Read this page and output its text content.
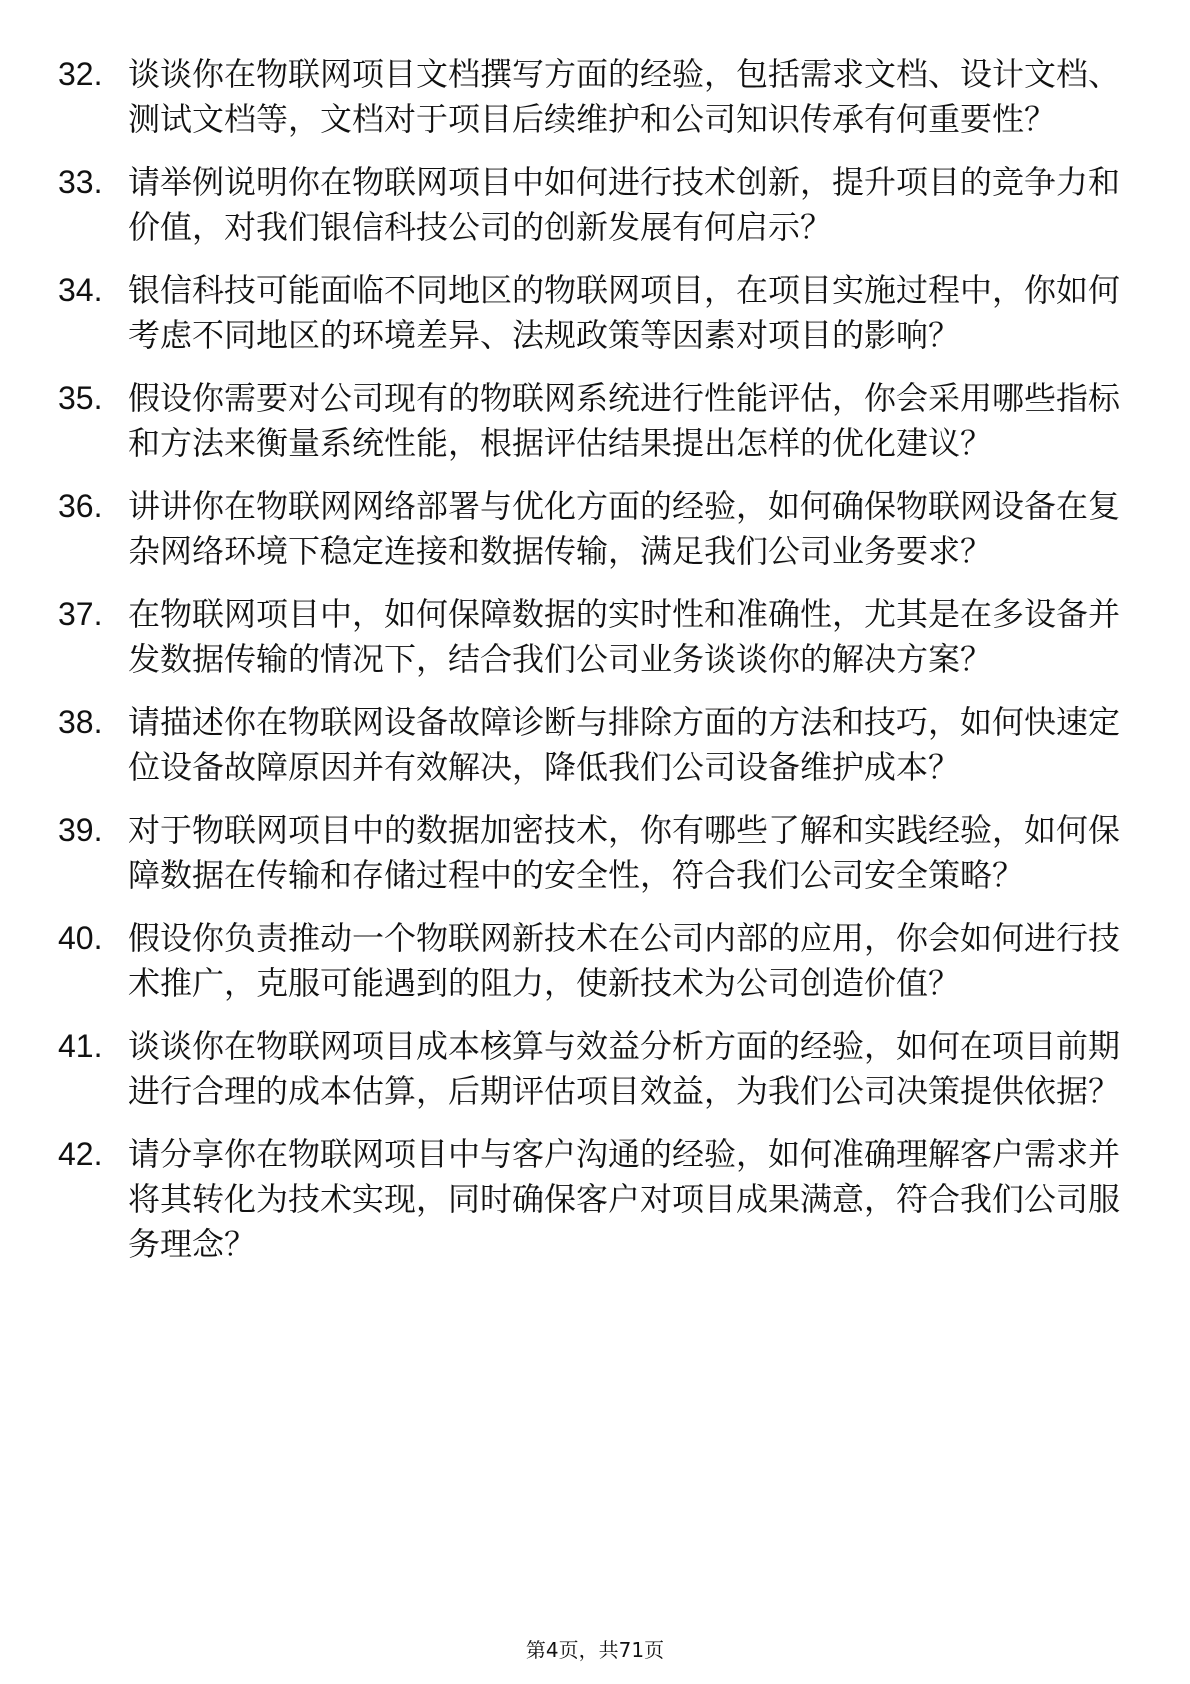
32. 谈谈你在物联网项目文档撰写方面的经验，包括需求文档、设计文档、测试文档等，文档对于项目后续维护和公司知识传承有何重要性？
33. 请举例说明你在物联网项目中如何进行技术创新，提升项目的竞争力和价值，对我们银信科技公司的创新发展有何启示？
34. 银信科技可能面临不同地区的物联网项目，在项目实施过程中，你如何考虑不同地区的环境差异、法规政策等因素对项目的影响？
35. 假设你需要对公司现有的物联网系统进行性能评估，你会采用哪些指标和方法来衡量系统性能，根据评估结果提出怎样的优化建议？
36. 讲讲你在物联网网络部署与优化方面的经验，如何确保物联网设备在复杂网络环境下稳定连接和数据传输，满足我们公司业务要求？
37. 在物联网项目中，如何保障数据的实时性和准确性，尤其是在多设备并发数据传输的情况下，结合我们公司业务谈谈你的解决方案？
38. 请描述你在物联网设备故障诊断与排除方面的方法和技巧，如何快速定位设备故障原因并有效解决，降低我们公司设备维护成本？
39. 对于物联网项目中的数据加密技术，你有哪些了解和实践经验，如何保障数据在传输和存储过程中的安全性，符合我们公司安全策略？
40. 假设你负责推动一个物联网新技术在公司内部的应用，你会如何进行技术推广，克服可能遇到的阻力，使新技术为公司创造价值？
41. 谈谈你在物联网项目成本核算与效益分析方面的经验，如何在项目前期进行合理的成本估算，后期评估项目效益，为我们公司决策提供依据？
42. 请分享你在物联网项目中与客户沟通的经验，如何准确理解客户需求并将其转化为技术实现，同时确保客户对项目成果满意，符合我们公司服务理念？
第4页，共71页
